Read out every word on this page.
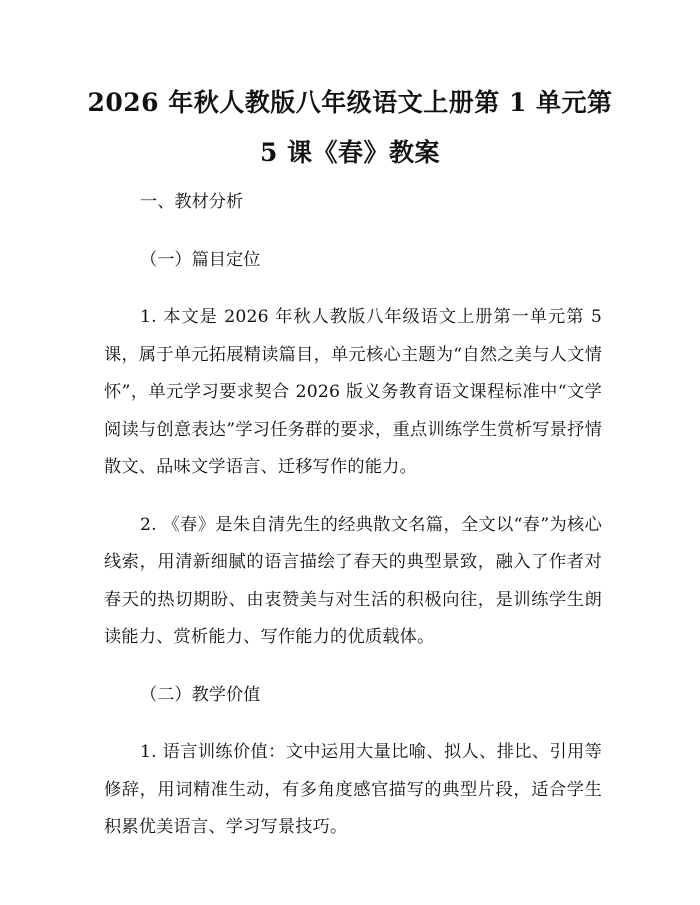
2026 年秋人教版八年级语文上册第 1 单元第
5 课《春》教案

一、教材分析

（一）篇目定位

1. 本文是 2026 年秋人教版八年级语文上册第一单元第 5 课，属于单元拓展精读篇目，单元核心主题为“自然之美与人文情怀”，单元学习要求契合 2026 版义务教育语文课程标准中“文学阅读与创意表达”学习任务群的要求，重点训练学生赏析写景抒情散文、品味文学语言、迁移写作的能力。

2. 《春》是朱自清先生的经典散文名篇，全文以“春”为核心线索，用清新细腻的语言描绘了春天的典型景致，融入了作者对春天的热切期盼、由衷赞美与对生活的积极向往，是训练学生朗读能力、赏析能力、写作能力的优质载体。

（二）教学价值

1. 语言训练价值：文中运用大量比喻、拟人、排比、引用等修辞，用词精准生动，有多角度感官描写的典型片段，适合学生积累优美语言、学习写景技巧。
